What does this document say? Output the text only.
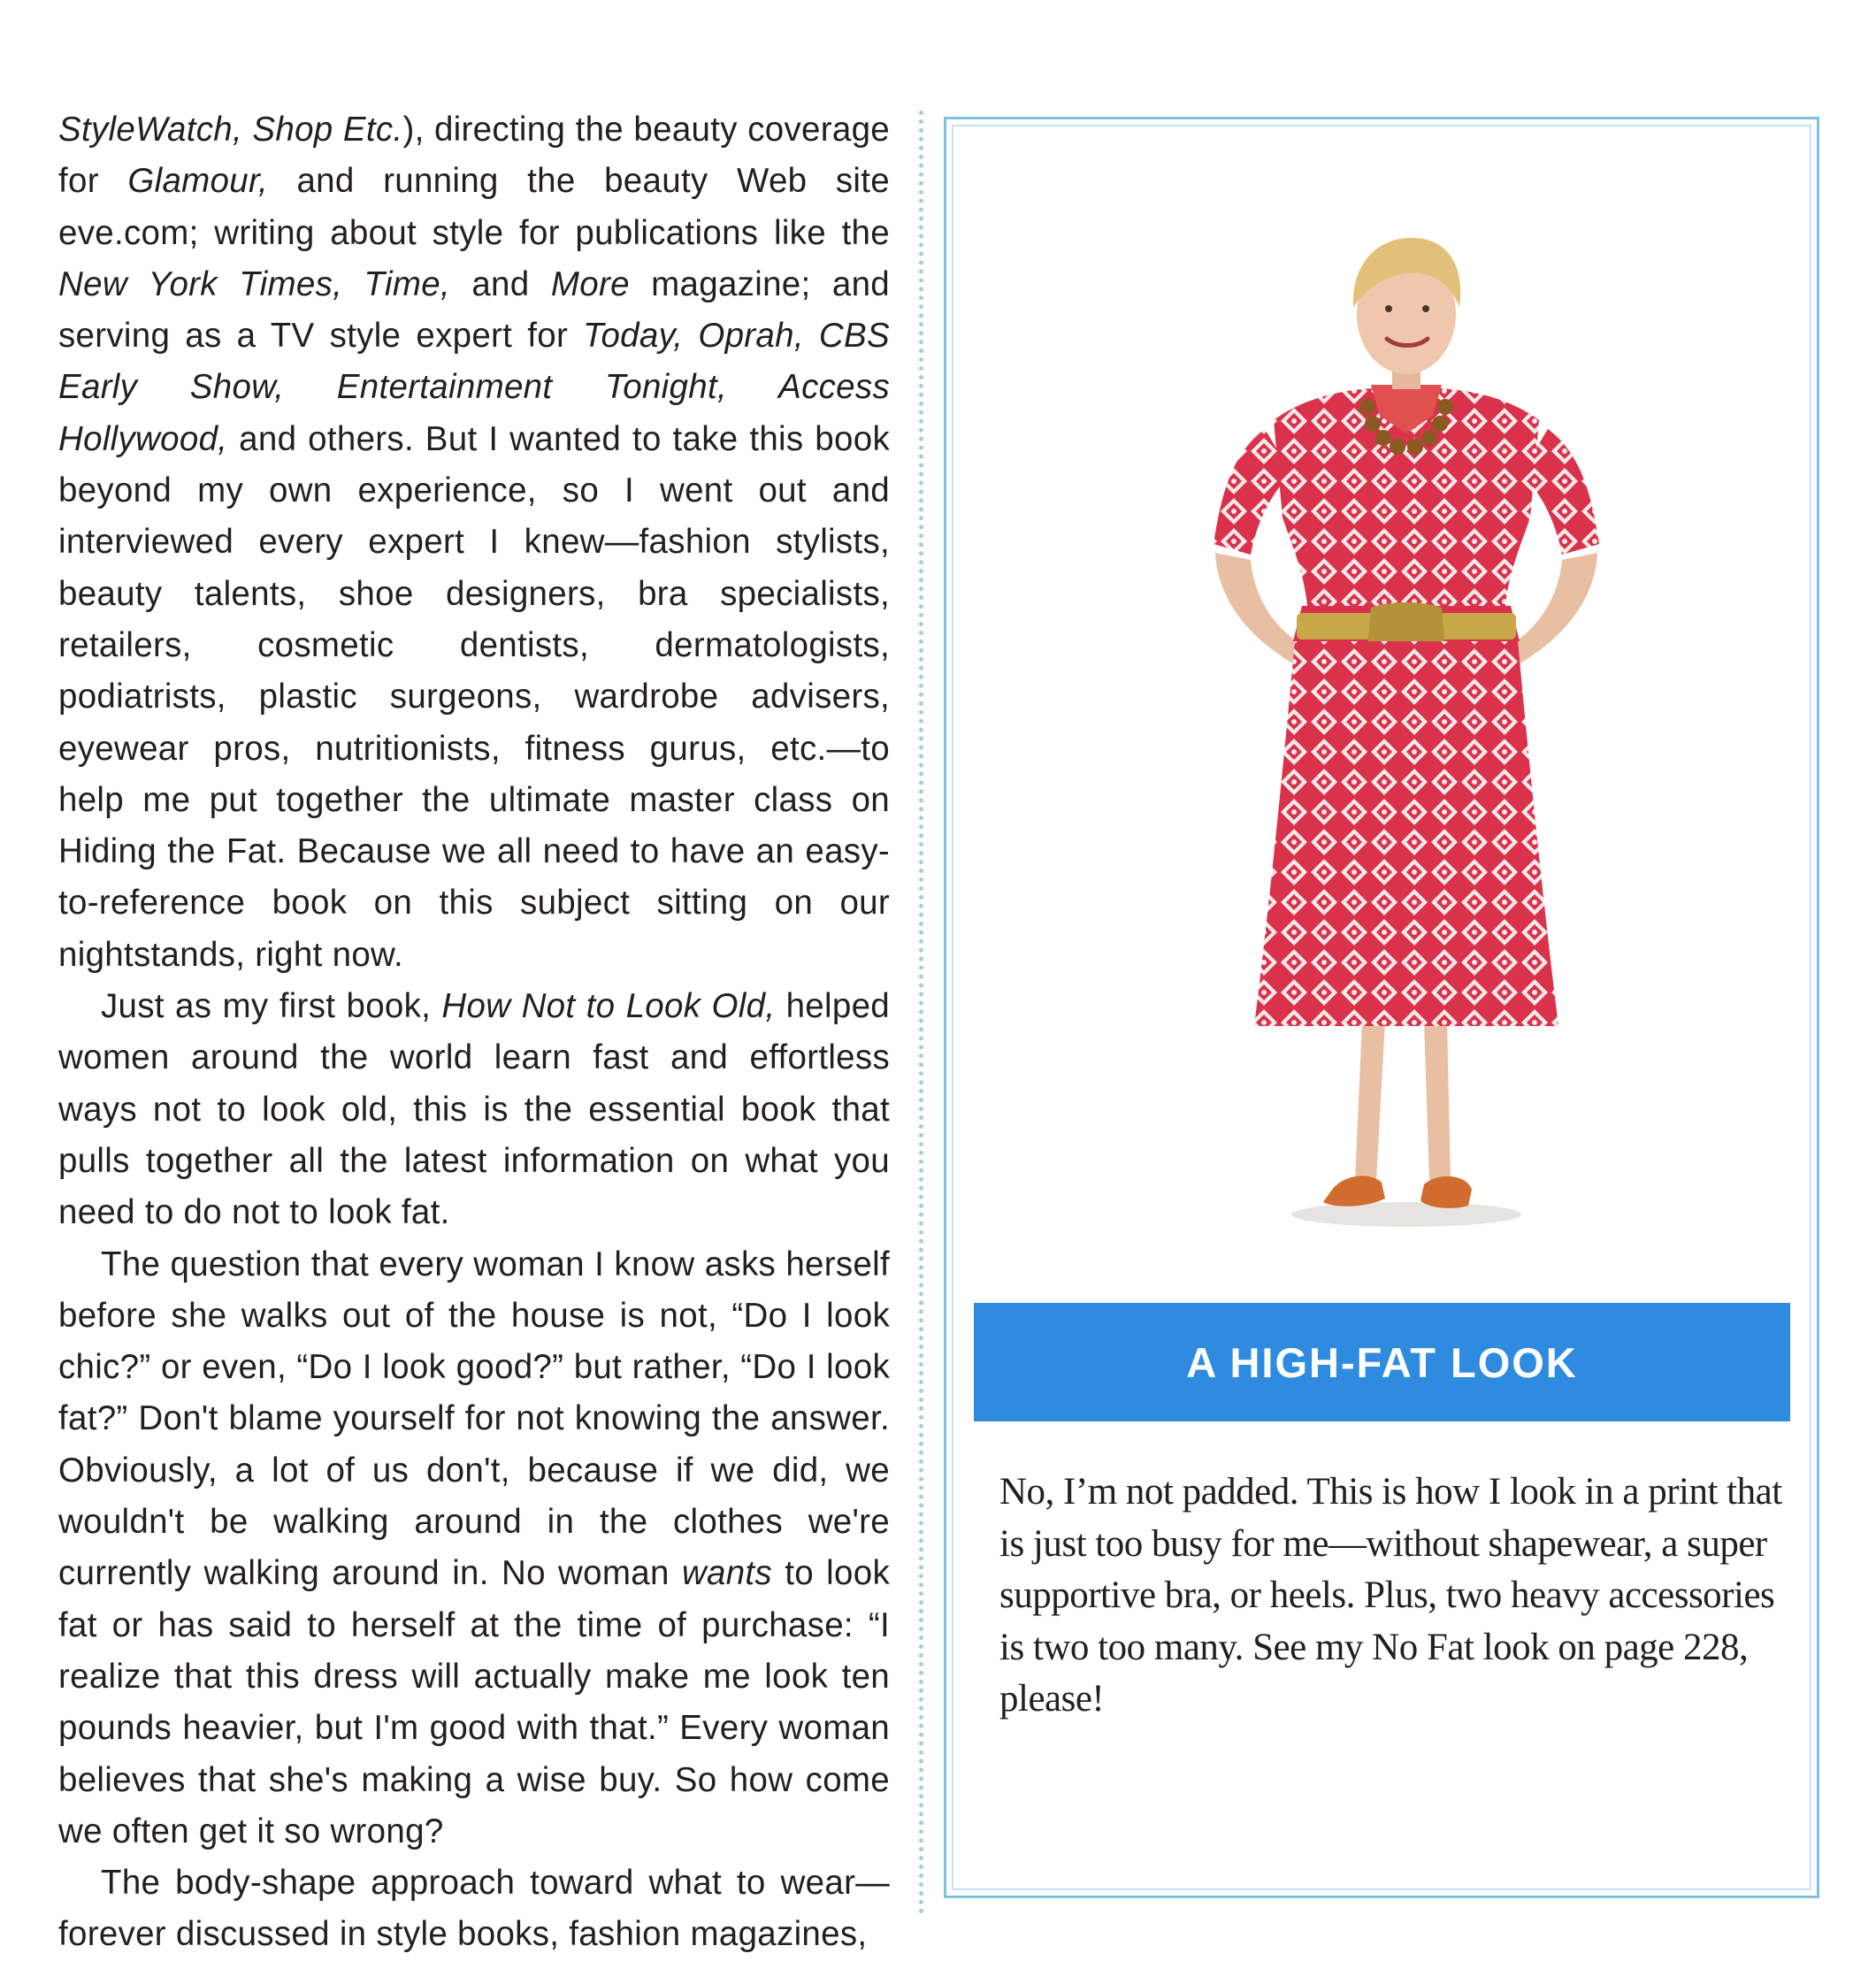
StyleWatch, Shop Etc.), directing the beauty coverage for Glamour, and running the beauty Web site eve.com; writing about style for publications like the New York Times, Time, and More magazine; and serving as a TV style expert for Today, Oprah, CBS Early Show, Entertainment Tonight, Access Hollywood, and others. But I wanted to take this book beyond my own experience, so I went out and interviewed every expert I knew—fashion stylists, beauty talents, shoe designers, bra specialists, retailers, cosmetic dentists, dermatologists, podiatrists, plastic surgeons, wardrobe advisers, eyewear pros, nutritionists, fitness gurus, etc.—to help me put together the ultimate master class on Hiding the Fat. Because we all need to have an easy-to-reference book on this subject sitting on our nightstands, right now.

Just as my first book, How Not to Look Old, helped women around the world learn fast and effortless ways not to look old, this is the essential book that pulls together all the latest information on what you need to do not to look fat.

The question that every woman I know asks herself before she walks out of the house is not, “Do I look chic?” or even, “Do I look good?” but rather, “Do I look fat?” Don't blame yourself for not knowing the answer. Obviously, a lot of us don't, because if we did, we wouldn't be walking around in the clothes we're currently walking around in. No woman wants to look fat or has said to herself at the time of purchase: “I realize that this dress will actually make me look ten pounds heavier, but I'm good with that.” Every woman believes that she's making a wise buy. So how come we often get it so wrong?

The body-shape approach toward what to wear—forever discussed in style books, fashion magazines,

A HIGH-FAT LOOK
No, I’m not padded. This is how I look in a print that is just too busy for me—without shapewear, a super supportive bra, or heels. Plus, two heavy accessories is two too many. See my No Fat look on page 228, please!
